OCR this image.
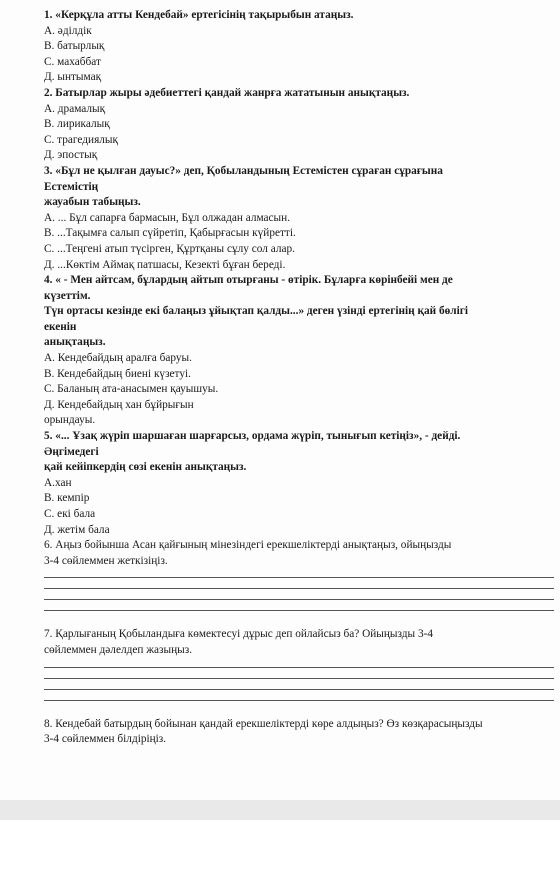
1. «Керқұла атты Кендебай» ертегісінің тақырыбын атаңыз.
А. әділдік
В. батырлық
С. махаббат
Д. ынтымақ
2. Батырлар жыры әдебиеттегі қандай жанрға жататынын анықтаңыз.
А. драмалық
В. лирикалық
С. трагедиялық
Д. эпостық
3. «Бұл не қылған дауыс?» деп, Қобыландының Естемістен сұраған сұрағына
Естемістің
жауабын табыңыз.
А. ... Бұл сапарға бармасын, Бұл олжадан алмасын.
В. ...Тақымға салып сүйретіп, Қабырғасын күйретті.
С. ...Теңгені атып түсірген, Құртқаны сұлу сол алар.
Д. ...Көктім Аймақ патшасы, Кезекті бұған береді.
4. « - Мен айтсам, бұлардың айтып отырғаны - өтірік. Бұларға көрінбейі мен де
күзеттім.
Түн ортасы кезінде екі балаңыз ұйықтап қалды...» деген үзінді ертегінің қай бөлігі
екенін
анықтаңыз.
А. Кендебайдың аралға баруы.
В. Кендебайдың биені күзетуі.
С. Баланың ата-анасымен қауышуы.
Д. Кендебайдың хан бұйрығын
орындауы.
5. «... Ұзақ жүріп шаршаған шарғарсыз, ордама жүріп, тынығып кетіңіз», - дейді.
Әңгімедегі
қай кейіпкердің сөзі екенін анықтаңыз.
А.хан
В. кемпір
С. екі бала
Д. жетім бала
6. Аңыз бойынша Асан қайғының мінезіндегі ерекшеліктерді анықтаңыз, ойыңызды
3-4 сөйлеммен жеткізіңіз.
7. Қарлығаның Қобыландыға көмектесуі дұрыс деп ойлайсыз ба? Ойыңызды 3-4
сөйлеммен дәлелдеп жазыңыз.
8. Кендебай батырдың бойынан қандай ерекшеліктерді көре алдыңыз? Өз көзқарасыңызды
3-4 сөйлеммен білдіріңіз.
